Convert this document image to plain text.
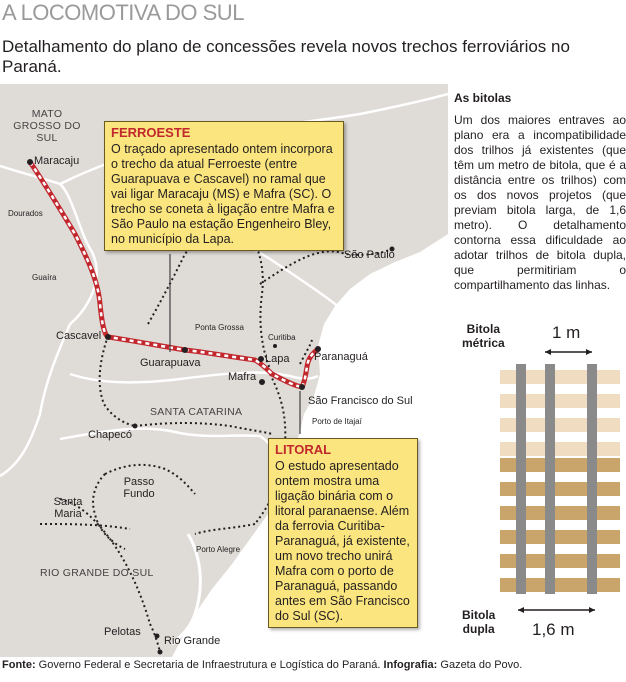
A LOCOMOTIVA DO SUL
Detalhamento do plano de concessões revela novos trechos ferroviários no Paraná.
MATO GROSSO DO SUL
SANTA CATARINA
RIO GRANDE DO SUL
Maracaju
Dourados
Guaíra
Cascavel
Guarapuava
Ponta Grossa
Curitiba
Lapa
Mafra
São Paulo
Paranaguá
São Francisco do Sul
Porto de Itajaí
Chapecó
Passo Fundo
Santa Maria
Porto Alegre
Pelotas
Rio Grande
FERROESTE
O traçado apresentado ontem incorpora o trecho da atual Ferroeste (entre Guarapuava e Cascavel) no ramal que vai ligar Maracaju (MS) e Mafra (SC). O trecho se coneta à ligação entre Mafra e São Paulo na estação Engenheiro Bley, no município da Lapa.
LITORAL
O estudo apresentado ontem mostra uma ligação binária com o litoral paranaense. Além da ferrovia Curitiba-Paranaguá, já existente, um novo trecho unirá Mafra com o porto de Paranaguá, passando antes em São Francisco do Sul (SC).
As bitolas
Um dos maiores entraves ao plano era a incompatibilidade dos trilhos já existentes (que têm um metro de bitola, que é a distância entre os trilhos) com os dos novos projetos (que previam bitola larga, de 1,6 metro). O detalhamento contorna essa dificuldade ao adotar trilhos de bitola dupla, que permitiriam o compartilhamento das linhas.
Bitola
métrica
1 m
Bitola
dupla 1,6 m
Fonte: Governo Federal e Secretaria de Infraestrutura e Logística do Paraná. Infografia: Gazeta do Povo.
